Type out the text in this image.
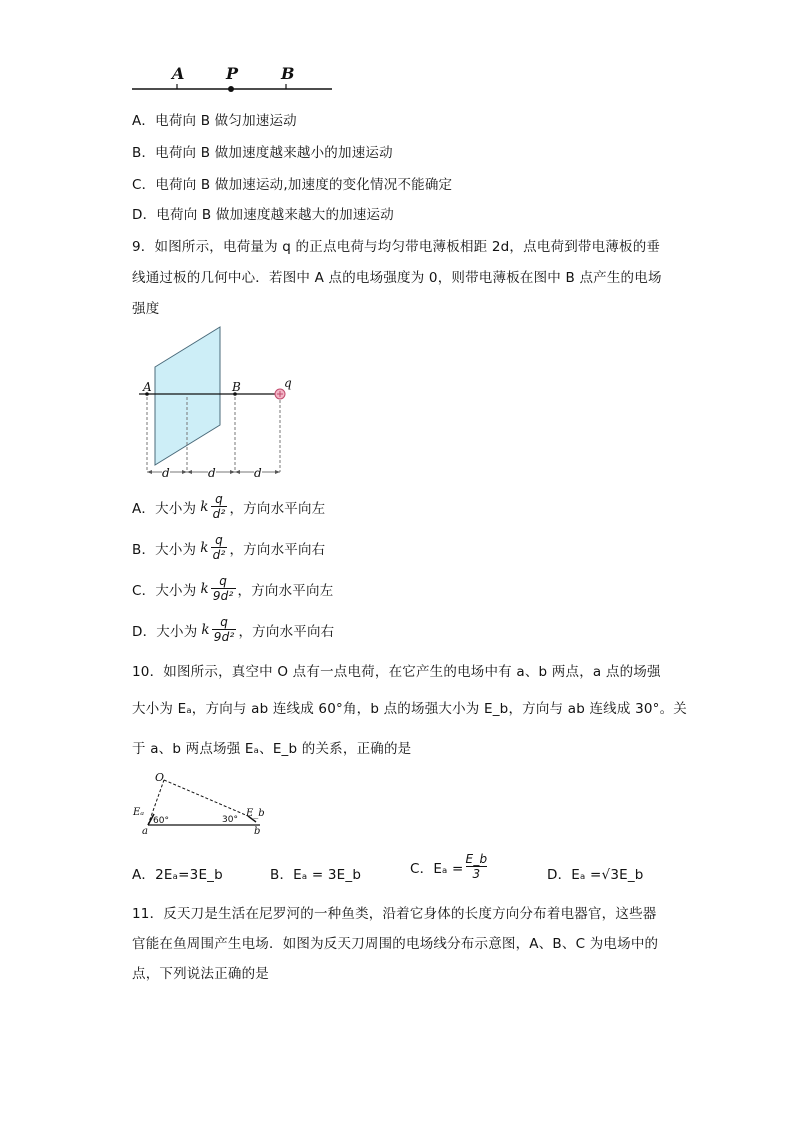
A	P	B
A．电荷向 B 做匀加速运动
B．电荷向 B 做加速度越来越小的加速运动
C．电荷向 B 做加速运动,加速度的变化情况不能确定
D．电荷向 B 做加速度越来越大的加速运动
9．如图所示，电荷量为 q 的正点电荷与均匀带电薄板相距 2d，点电荷到带电薄板的垂
线通过板的几何中心．若图中 A 点的电场强度为 0，则带电薄板在图中 B 点产生的电场
强度
A	B	q
d	d	d
A．大小为 k $\frac{q}{\text{d²}}$ ，方向水平向左
B．大小为 k $\frac{q}{\text{d²}}$ ，方向水平向右
C．大小为 k $\frac{q}{\text{9d²}}$ ，方向水平向左
D．大小为 k $\frac{q}{\text{9d²}}$ ，方向水平向右
10．如图所示，真空中 O 点有一点电荷，在它产生的电场中有 a、b 两点，a 点的场强
大小为 Eₐ，方向与 ab 连线成 60°角，b 点的场强大小为 E_b，方向与 ab 连线成 30°。关
于 a、b 两点场强 Eₐ、E_b 的关系，正确的是
O
Eₐ	E_b
a	b
60°	30°
A．2Eₐ=3E_b	B．Eₐ = 3E_b	C．$E_a = \frac{E\_b}{3}$	D．Eₐ =√3E_b
11．反天刀是生活在尼罗河的一种鱼类，沿着它身体的长度方向分布着电器官，这些器
官能在鱼周围产生电场．如图为反天刀周围的电场线分布示意图，A、B、C 为电场中的
点，下列说法正确的是
